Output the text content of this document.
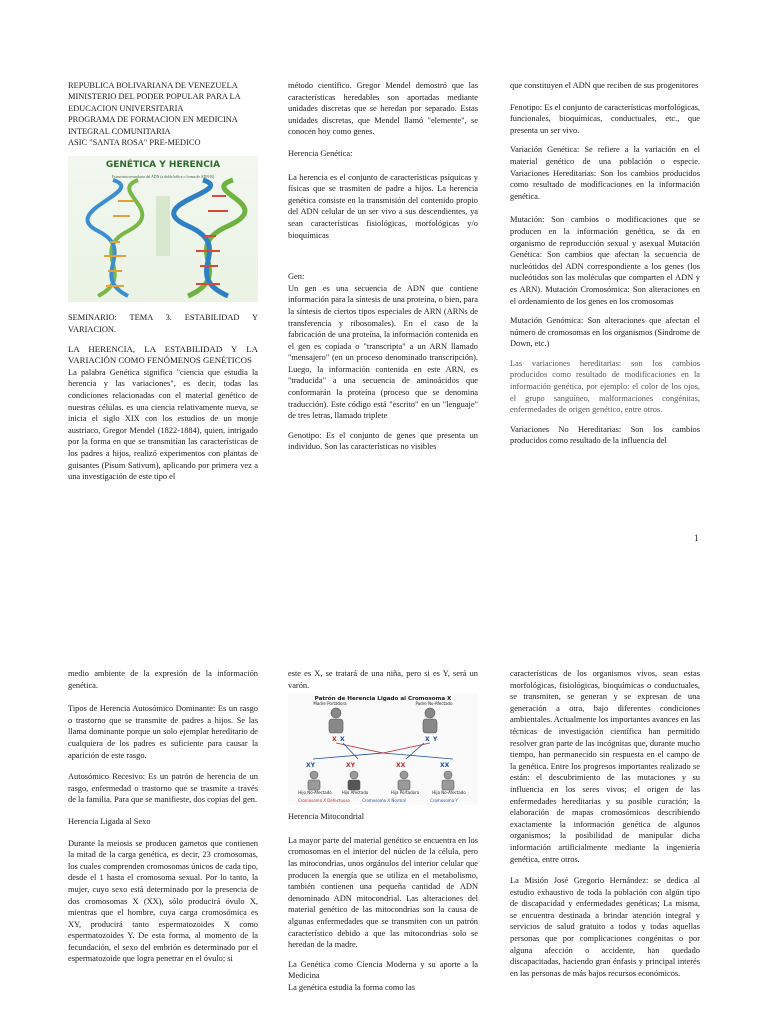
REPUBLICA BOLIVARIANA DE VENEZUELA
MINISTERIO DEL PODER POPULAR PARA LA
EDUCACION UNIVERSITARIA
PROGRAMA DE FORMACION EN MEDICINA
INTEGRAL COMUNITARIA
ASIC "SANTA ROSA" PRE-MEDICO
GENÉTICA Y HERENCIA
Estructura secundaria del ADN (a doble hélice o forma de ADN-B)

SEMINARIO: TEMA 3. ESTABILIDAD Y VARIACION.

LA HERENCIA, LA ESTABILIDAD Y LA VARIACIÓN COMO FENÓMENOS GENÉTICOS

La palabra Genética significa "ciencia que estudia la herencia y las variaciones", es decir, todas las condiciones relacionadas con el material genético de nuestras células. es una ciencia relativamente nueva, se inicia el siglo XIX con los estudios de un monje austriaco, Gregor Mendel (1822-1884), quien, intrigado por la forma en que se transmitían las características de los padres a hijos, realizó experimentos con plantas de guisantes (Pisum Sativum), aplicando por primera vez a una investigación de este tipo el

método científico. Gregor Mendel demostró que las características heredables son aportadas mediante unidades discretas que se heredan por separado. Estas unidades discretas, que Mendel llamó "elemente", se conocen hoy como genes.

Herencia Genética:

La herencia es el conjunto de características psíquicas y físicas que se trasmiten de padre a hijos. La herencia genética consiste en la transmisión del contenido propio del ADN celular de un ser vivo a sus descendientes, ya sean características fisiológicas, morfológicas y/o bioquímicas

Gen:

Un gen es una secuencia de ADN que contiene información para la síntesis de una proteína, o bien, para la síntesis de ciertos tipos especiales de ARN (ARNs de transferencia y ribosomales). En el caso de la fabricación de una proteína, la información contenida en el gen es copiada o "transcripta" a un ARN llamado "mensajero" (en un proceso denominado transcripción). Luego, la información contenida en este ARN, es "traducida" a una secuencia de aminoácidos que conformarán la proteína (proceso que se denomina traducción). Este código está "escrito" en un "lenguaje" de tres letras, llamado triplete

Genotipo: Es el conjunto de genes que presenta un individuo. Son las características no visibles

que constituyen el ADN que reciben de sus progenitores

Fenotipo: Es el conjunto de características morfológicas, funcionales, bioquímicas, conductuales, etc., que presenta un ser vivo.

Variación Genética: Se refiere a la variación en el material genético de una población o especie. Variaciones Hereditarias: Son los cambios producidos como resultado de modificaciones en la información genética.

Mutación: Son cambios o modificaciones que se producen en la información genética, se da en organismo de reproducción sexual y asexual Mutación Genética: Son cambios que afectan la secuencia de nucleótidos del ADN correspondiente a los genes (los nucleótidos son las moléculas que comparten el ADN y es ARN). Mutación Cromosómica: Son alteraciones en el ordenamiento de los genes en los cromosomas

Mutación Genómica: Son alteraciones que afectan el número de cromosomas en los organismos (Síndrome de Down, etc.)

Las variaciones hereditarias: son los cambios producidos como resultado de modificaciones en la información genética, por ejemplo: el color de los ojos, el grupo sanguíneo, malformaciones congénitas, enfermedades de origen genético, entre otros.

Variaciones No Hereditarias: Son los cambios producidos como resultado de la influencia del

1

medio ambiente de la expresión de la información genética.

Tipos de Herencia Autosómico Dominante: Es un rasgo o trastorno que se transmite de padres a hijos. Se las llama dominante porque un solo ejemplar hereditario de cualquiera de los padres es suficiente para causar la aparición de este rasgo.

Autosómico Recesivo: Es un patrón de herencia de un rasgo, enfermedad o trastorno que se trasmite a través de la familia. Para que se manifieste, dos copias del gen.

Herencia Ligada al Sexo

Durante la meiosis se producen gametos que contienen la mitad de la carga genética, es decir, 23 cromosomas, los cuales comprenden cromosomas únicos de cada tipo, desde el 1 hasta el cromosoma sexual. Por lo tanto, la mujer, cuyo sexo está determinado por la presencia de dos cromosomas X (XX), sólo producirá óvulo X, mientras que el hombre, cuya carga cromosómica es XY, producirá tanto espermatozoides X como espermatozoides Y. De esta forma, al momento de la fecundación, el sexo del embrión es determinado por el espermatozoide que logra penetrar en el óvulo; si

este es X, se tratará de una niña, pero si es Y, será un varón.

Patrón de Herencia Ligado al Cromosoma X
X X	X Y
XY	XY	XX	XX
Madre Portadora	Padre No-Afectado
Hijo No-Afectado	Hijo Afectado	Hija Portadora	Hija No-Afectado
Cromosoma X Defectuoso	Cromosoma X Normal	Cromosoma Y

Herencia Mitocondrial

La mayor parte del material genético se encuentra en los cromosomas en el interior del núcleo de la célula, pero las mitocondrias, unos orgánulos del interior celular que producen la energía que se utiliza en el metabolismo, también contienen una pequeña cantidad de ADN denominado ADN mitocondrial. Las alteraciones del material genético de las mitocondrias son la causa de algunas enfermedades que se transmiten con un patrón característico debido a que las mitocondrias solo se heredan de la madre.

La Genética como Ciencia Moderna y su aporte a la Medicina

La genética estudia la forma como las

características de los organismos vivos, sean estas morfológicas, fisiológicas, bioquímicas o conductuales, se transmiten, se generan y se expresan de una generación a otra, bajo diferentes condiciones ambientales. Actualmente los importantes avances en las técnicas de investigación científica han permitido resolver gran parte de las incógnitas que, durante mucho tiempo, han permanecido sin respuesta en el campo de la genética. Entre los progresos importantes realizado se están: el descubrimiento de las mutaciones y su influencia en los seres vivos; el origen de las enfermedades hereditarias y su posible curación; la elaboración de mapas cromosómicos describiendo exactamente la información genética de algunos organismos; la posibilidad de manipular dicha información artificialmente mediante la ingeniería genética, entre otros.

La Misión José Gregorio Hernández: se dedica al estudio exhaustivo de toda la población con algún tipo de discapacidad y enfermedades genéticas; La misma, se encuentra destinada a brindar atención integral y servicios de salud gratuito a todos y todas aquellas personas que por complicaciones congénitas o por alguna afección o accidente, han quedado discapacitadas, haciendo gran énfasis y principal interés en las personas de más bajos recursos económicos.
